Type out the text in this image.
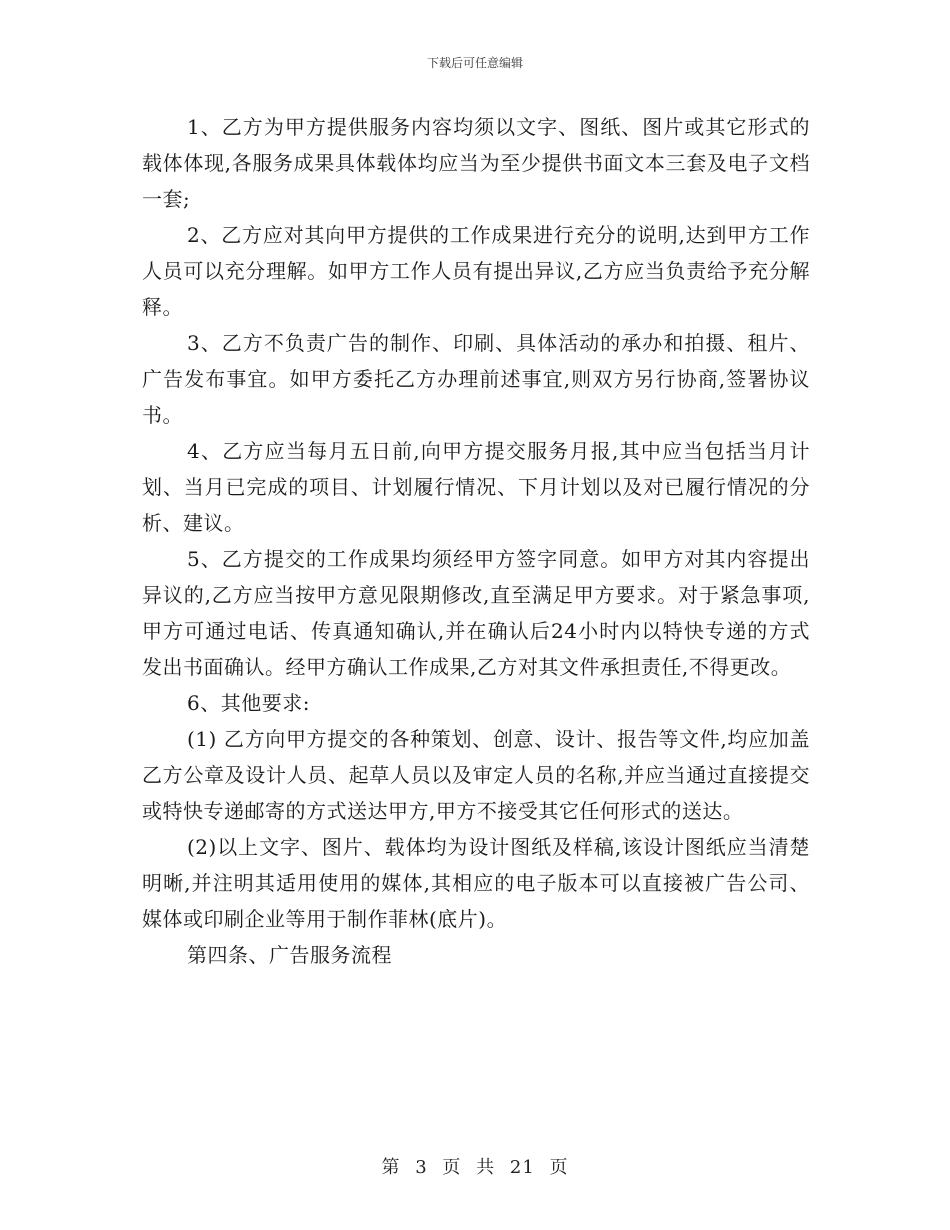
下载后可任意编辑

1、乙方为甲方提供服务内容均须以文字、图纸、图片或其它形式的载体体现,各服务成果具体载体均应当为至少提供书面文本三套及电子文档一套;

2、乙方应对其向甲方提供的工作成果进行充分的说明,达到甲方工作人员可以充分理解。如甲方工作人员有提出异议,乙方应当负责给予充分解释。

3、乙方不负责广告的制作、印刷、具体活动的承办和拍摄、租片、广告发布事宜。如甲方委托乙方办理前述事宜,则双方另行协商,签署协议书。

4、乙方应当每月五日前,向甲方提交服务月报,其中应当包括当月计划、当月已完成的项目、计划履行情况、下月计划以及对已履行情况的分析、建议。

5、乙方提交的工作成果均须经甲方签字同意。如甲方对其内容提出异议的,乙方应当按甲方意见限期修改,直至满足甲方要求。对于紧急事项,甲方可通过电话、传真通知确认,并在确认后24小时内以特快专递的方式发出书面确认。经甲方确认工作成果,乙方对其文件承担责任,不得更改。

6、其他要求:

(1) 乙方向甲方提交的各种策划、创意、设计、报告等文件,均应加盖乙方公章及设计人员、起草人员以及审定人员的名称,并应当通过直接提交或特快专递邮寄的方式送达甲方,甲方不接受其它任何形式的送达。

(2)以上文字、图片、载体均为设计图纸及样稿,该设计图纸应当清楚明晰,并注明其适用使用的媒体,其相应的电子版本可以直接被广告公司、媒体或印刷企业等用于制作菲林(底片)。

第四条、广告服务流程

第 3 页 共 21 页
